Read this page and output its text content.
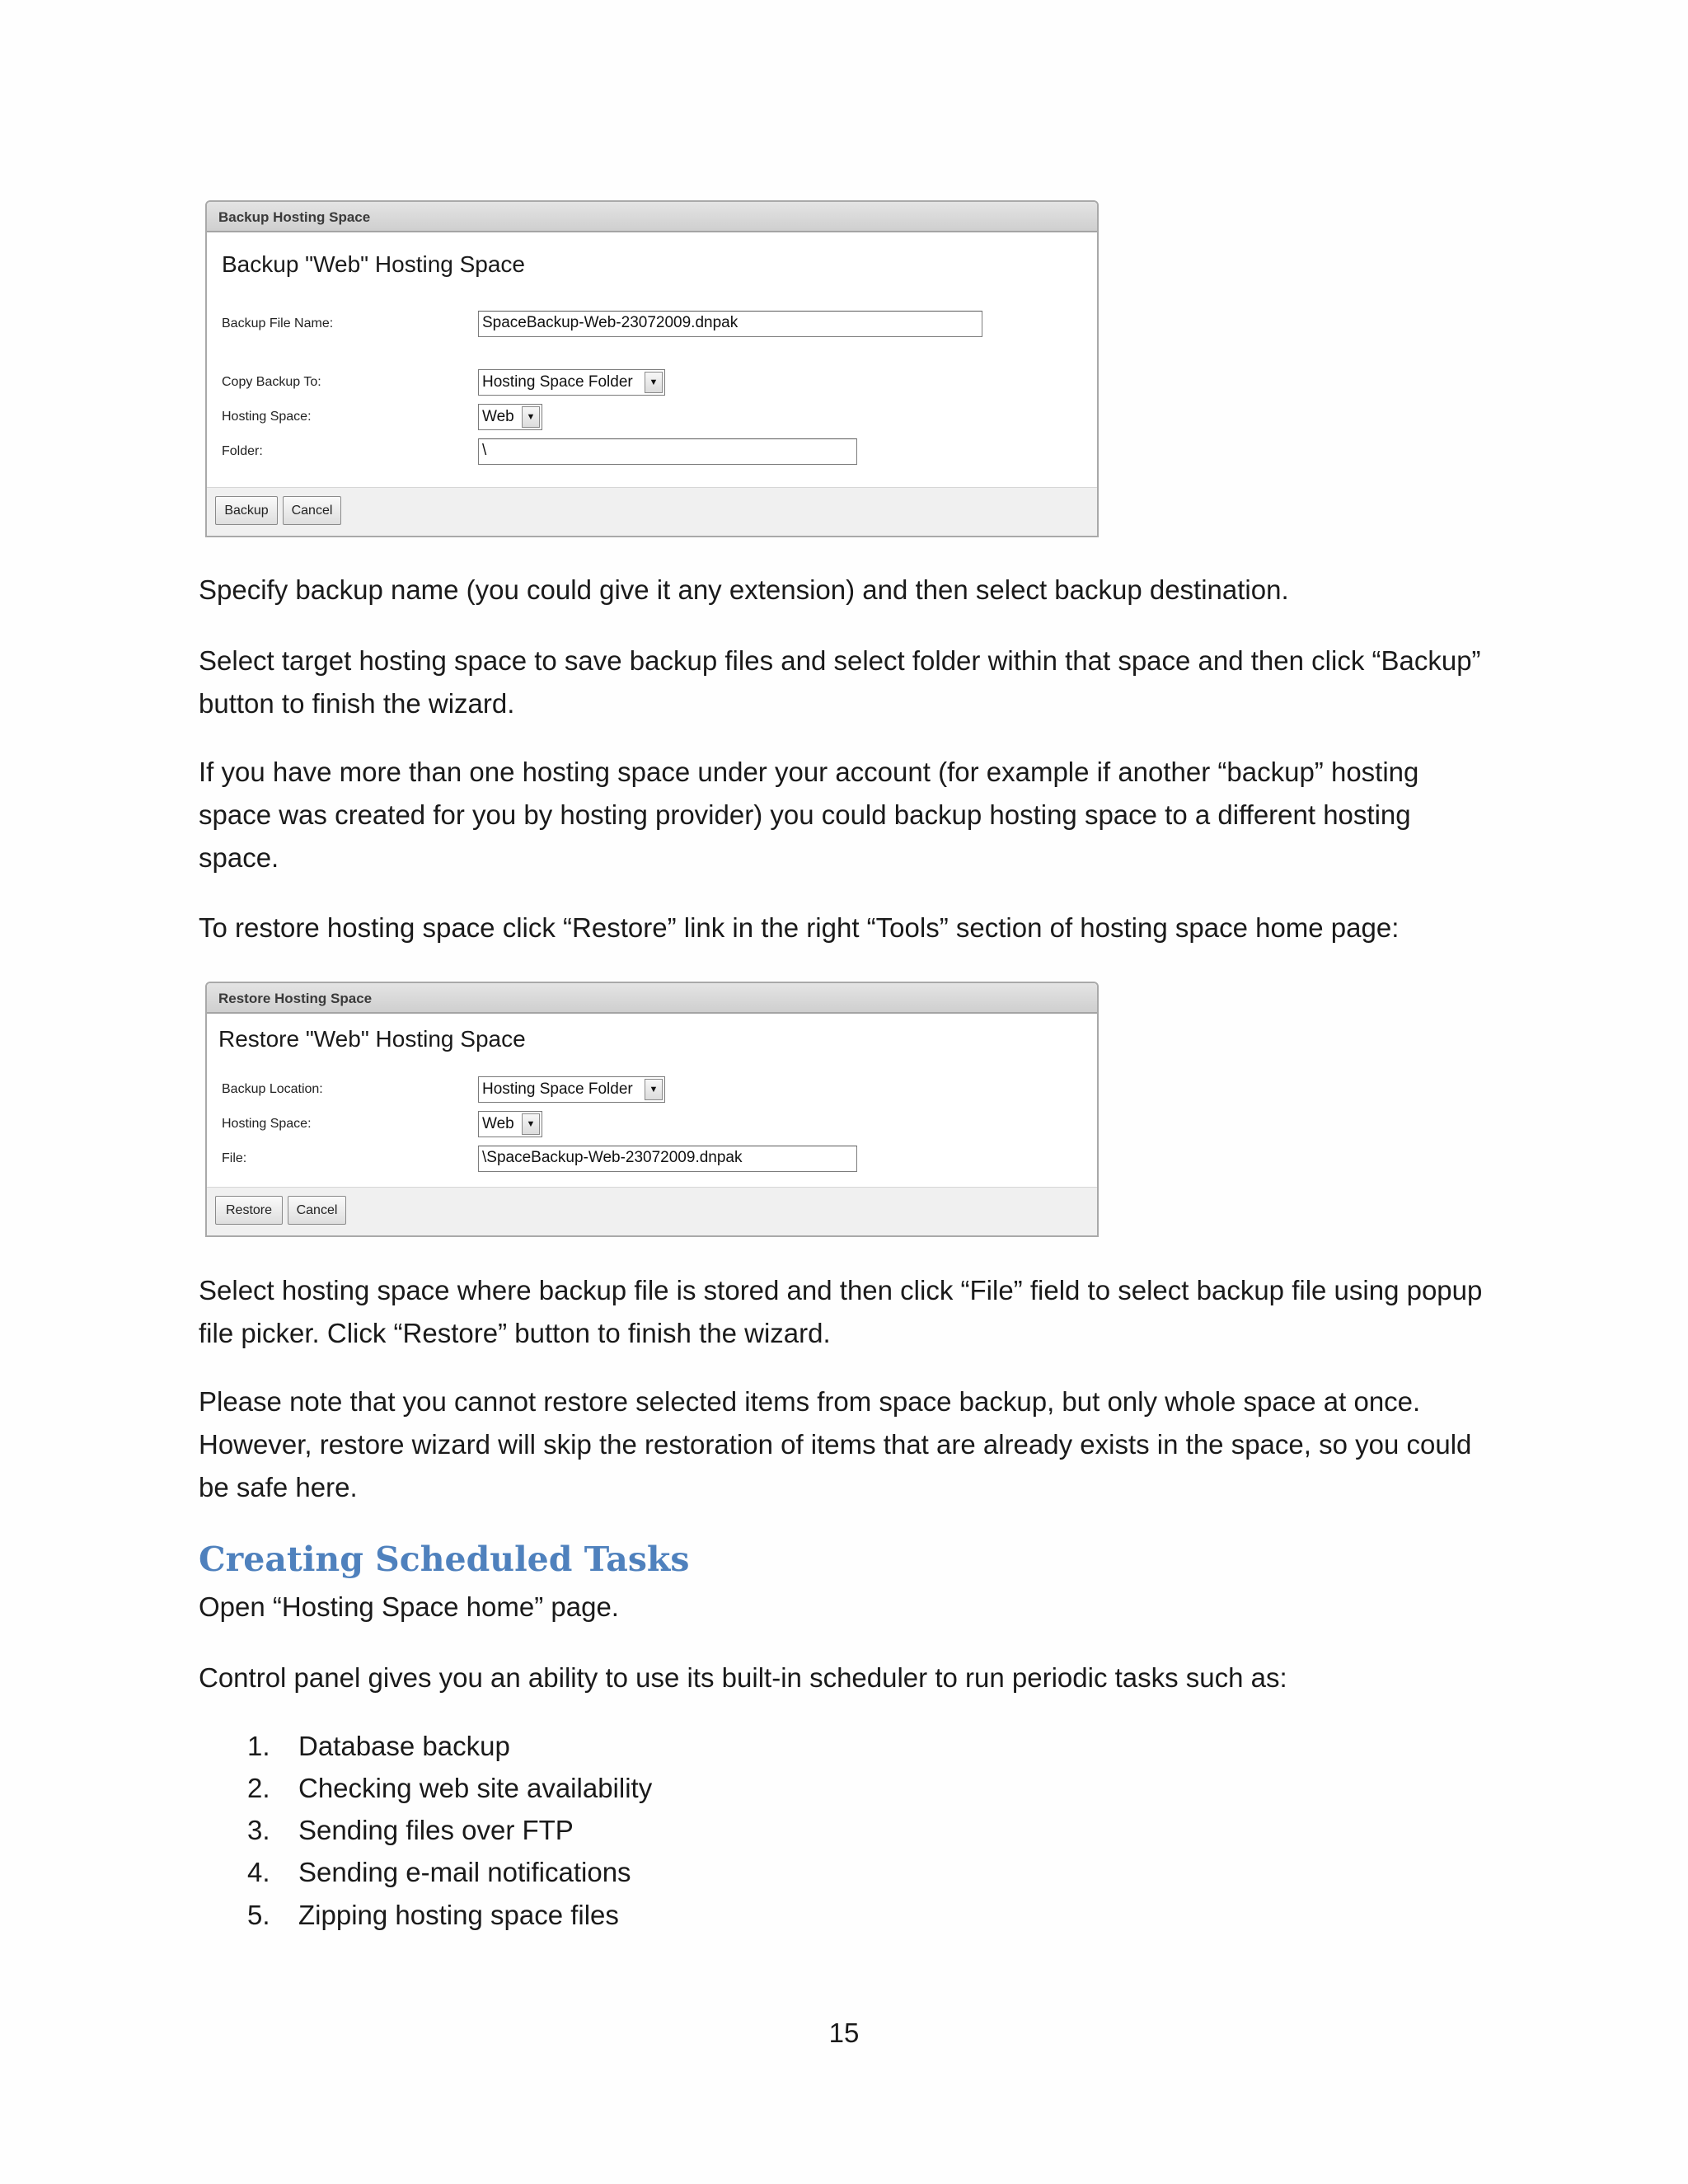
Backup Hosting Space
Backup "Web" Hosting Space
Backup File Name:	SpaceBackup-Web-23072009.dnpak
Copy Backup To:	Hosting Space Folder	▼
Hosting Space:	Web	▼
Folder:	\
Backup	Cancel

Specify backup name (you could give it any extension) and then select backup destination.

Select target hosting space to save backup files and select folder within that space and then click “Backup” button to finish the wizard.

If you have more than one hosting space under your account (for example if another “backup” hosting space was created for you by hosting provider) you could backup hosting space to a different hosting space.

To restore hosting space click “Restore” link in the right “Tools” section of hosting space home page:

Restore Hosting Space
Restore "Web" Hosting Space
Backup Location:	Hosting Space Folder	▼
Hosting Space:	Web	▼
File:	\SpaceBackup-Web-23072009.dnpak
Restore	Cancel

Select hosting space where backup file is stored and then click “File” field to select backup file using popup file picker. Click “Restore” button to finish the wizard.

Please note that you cannot restore selected items from space backup, but only whole space at once. However, restore wizard will skip the restoration of items that are already exists in the space, so you could be safe here.

Creating Scheduled Tasks

Open “Hosting Space home” page.

Control panel gives you an ability to use its built-in scheduler to run periodic tasks such as:

1. Database backup
2. Checking web site availability
3. Sending files over FTP
4. Sending e-mail notifications
5. Zipping hosting space files
15
